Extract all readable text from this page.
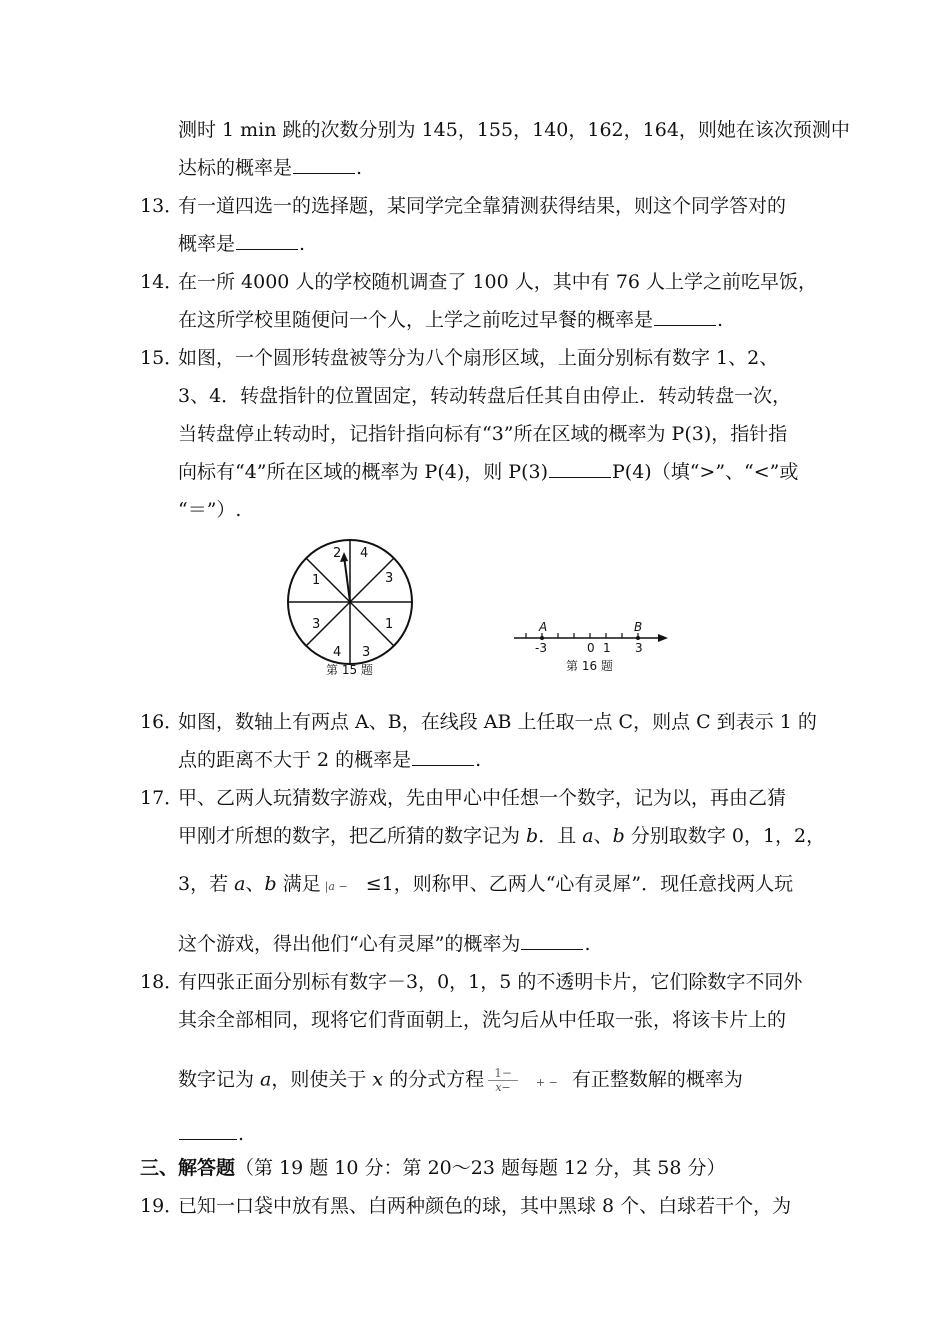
测时 1 min 跳的次数分别为 145，155，140，162，164，则她在该次预测中
达标的概率是	.
13．
有一道四选一的选择题，某同学完全靠猜测获得结果，则这个同学答对的
概率是	.
14．
在一所 4000 人的学校随机调查了 100 人，其中有 76 人上学之前吃早饭，
在这所学校里随便问一个人，上学之前吃过早餐的概率是	.
15．
如图，一个圆形转盘被等分为八个扇形区域，上面分别标有数字 1、2、
3、4．转盘指针的位置固定，转动转盘后任其自由停止．转动转盘一次，
当转盘停止转动时，记指针指向标有“3”所在区域的概率为 P(3)，指针指
向标有“4”所在区域的概率为 P(4)，则 P(3)	P(4)（填“>”、“<”或
“＝”）.
4
3
1
3
4
3
1
2
第 15 题
A	B
-3	0 1 3
第 16 题
16．
如图，数轴上有两点 A、B，在线段 AB 上任取一点 C，则点 C 到表示 1 的
点的距离不大于 2 的概率是	.
17．
甲、乙两人玩猜数字游戏，先由甲心中任想一个数字，记为以，再由乙猜
甲刚才所想的数字，把乙所猜的数字记为 b．且 a、b 分别取数字 0，1，2，
3，若 a、b 满足 |a − ≤1，则称甲、乙两人“心有灵犀”．现任意找两人玩
这个游戏，得出他们“心有灵犀”的概率为	.
18．
有四张正面分别标有数字－3，0，1，5 的不透明卡片，它们除数字不同外
其余全部相同，现将它们背面朝上，洗匀后从中任取一张，将该卡片上的
数字记为 a，则使关于 x 的分式方程 $\frac{1-}{x-}$ + − 有正整数解的概率为
.
三、解答题（第 19 题 10 分：第 20～23 题每题 12 分，其 58 分）
19．
已知一口袋中放有黑、白两种颜色的球，其中黑球 8 个、白球若干个，为
